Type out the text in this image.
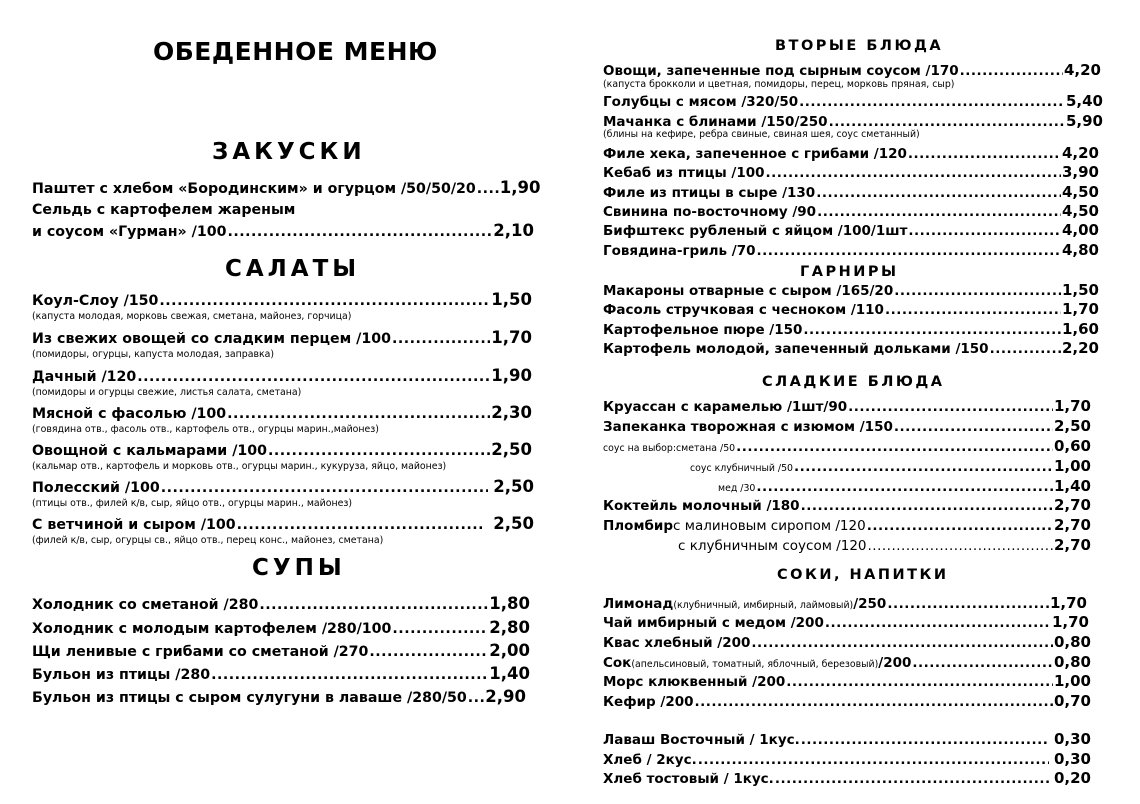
ОБЕДЕННОЕ МЕНЮ
ЗАКУСКИ
Паштет с хлебом «Бородинским» и огурцом /50/50/20 ..... 1,90
Сельдь с картофелем жареным
и соусом «Гурман» /100 .....	2,10
САЛАТЫ
Коул-Слоу /150 .....	1,50
(капуста молодая, морковь свежая, сметана, майонез, горчица)
Из свежих овощей со сладким перцем /100 .....	1,70
(помидоры, огурцы, капуста молодая, заправка)
Дачный /120 .....	1,90
(помидоры и огурцы свежие, листья салата, сметана)
Мясной с фасолью /100 .....	2,30
(говядина отв., фасоль отв., картофель отв., огурцы марин.,майонез)
Овощной с кальмарами /100 .....	2,50
(кальмар отв., картофель и морковь отв., огурцы марин., кукуруза, яйцо, майонез)
Полесский /100 .....	2,50
(птицы отв., филей к/в, сыр, яйцо отв., огурцы марин., майонез)
С ветчиной и сыром /100 .....	2,50
(филей к/в, сыр, огурцы св., яйцо отв., перец конс., майонез, сметана)
СУПЫ
Холодник со сметаной /280 .....	1,80
Холодник с молодым картофелем /280/100 .....	2,80
Щи ленивые с грибами со сметаной /270 .....	2,00
Бульон из птицы /280 .....	1,40
Бульон из птицы с сыром сулугуни в лаваше /280/50 ..... 2,90
ВТОРЫЕ БЛЮДА
Овощи, запеченные под сырным соусом /170 .....	4,20
(капуста брокколи и цветная, помидоры, перец, морковь пряная, сыр)
Голубцы с мясом /320/50 .....	5,40
Мачанка с блинами /150/250 .....	5,90
(блины на кефире, ребра свиные, свиная шея, соус сметанный)
Филе хека, запеченное с грибами /120 .....	4,20
Кебаб из птицы /100 .....	3,90
Филе из птицы в сыре /130 .....	4,50
Свинина по-восточному /90 .....	4,50
Бифштекс рубленый с яйцом /100/1шт .....	4,00
Говядина-гриль /70 .....	4,80
ГАРНИРЫ
Макароны отварные с сыром /165/20 .....	1,50
Фасоль стручковая с чесноком /110 .....	1,70
Картофельное пюре /150 .....	1,60
Картофель молодой, запеченный дольками /150 .....	2,20
СЛАДКИЕ БЛЮДА
Круассан с карамелью /1шт/90 .....	1,70
Запеканка творожная с изюмом /150 .....	2,50
соус на выбор:сметана /50 .....	0,60
соус клубничный /50 .....	1,00
мед /30 .....	1,40
Коктейль молочный /180 .....	2,70
Пломбир с малиновым сиропом /120 .....	2,70
с клубничным соусом /120 .....	2,70
СОКИ, НАПИТКИ
Лимонад (клубничный, имбирный, лаймовый) /250 .....	1,70
Чай имбирный с медом /200 .....	1,70
Квас хлебный /200 .....	0,80
Сок (апельсиновый, томатный, яблочный, березовый) /200 .....	0,80
Морс клюквенный /200 .....	1,00
Кефир /200 .....	0,70
Лаваш Восточный / 1кус. .....	0,30
Хлеб / 2кус. .....	0,30
Хлеб тостовый / 1кус. .....	0,20
